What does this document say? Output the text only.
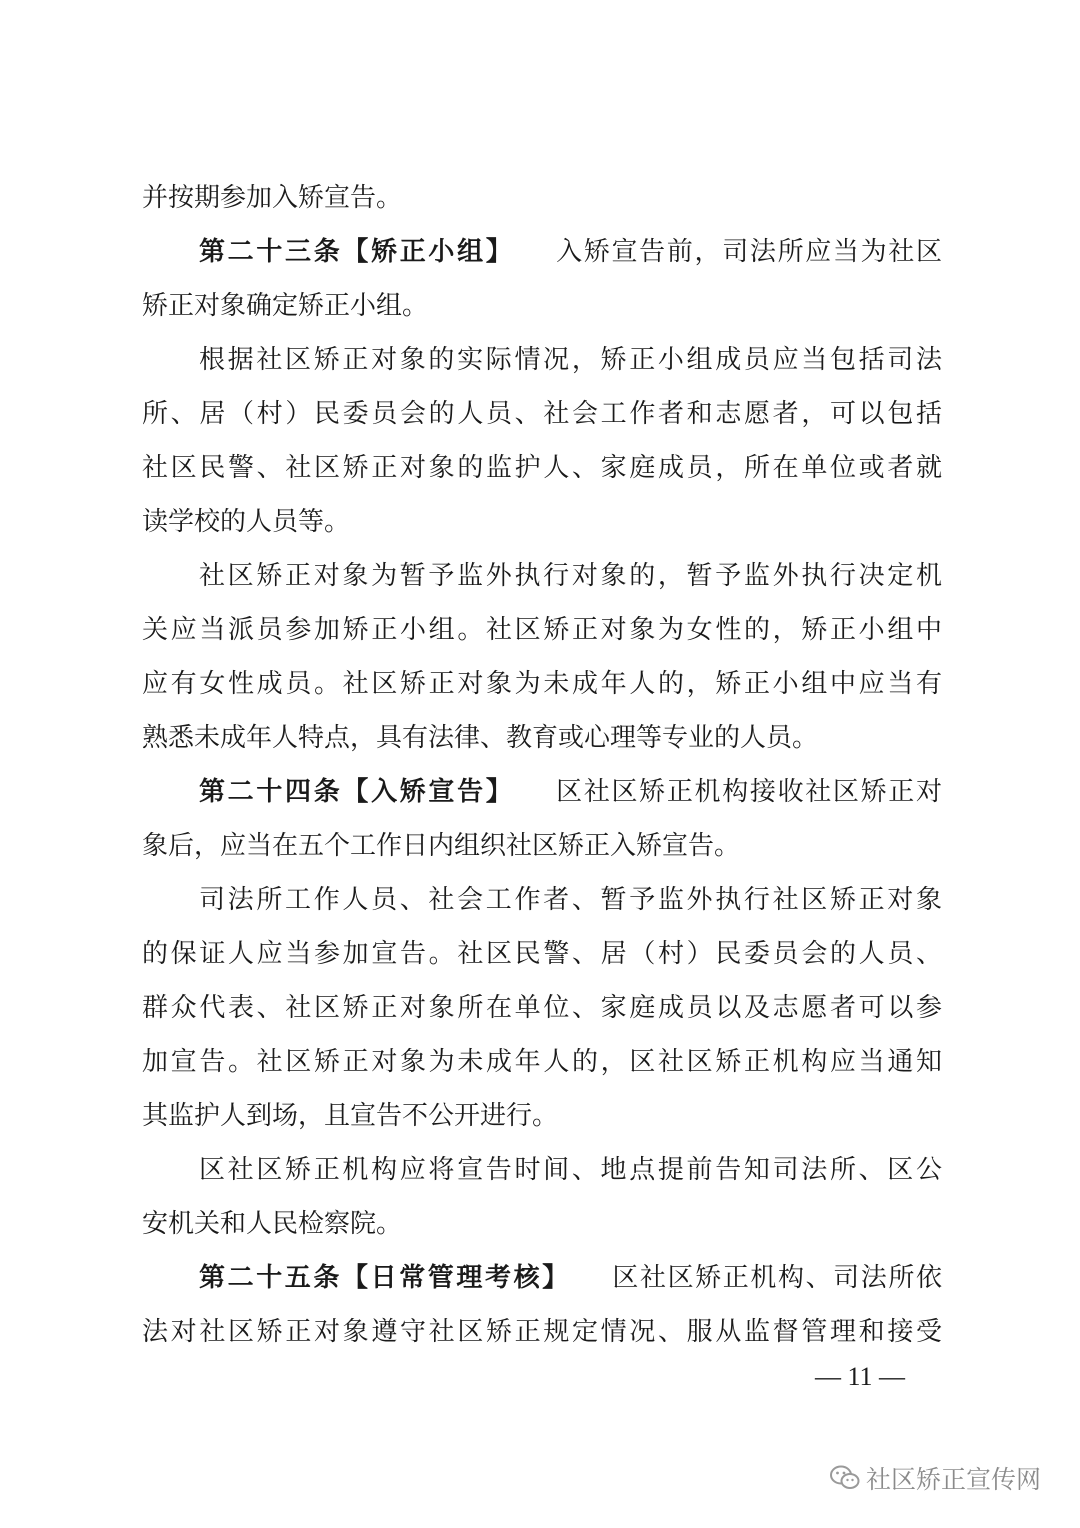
并按期参加入矫宣告。
第二十三条【矫正小组】 入矫宣告前，司法所应当为社区
矫正对象确定矫正小组。
根据社区矫正对象的实际情况，矫正小组成员应当包括司法
所、居（村）民委员会的人员、社会工作者和志愿者，可以包括
社区民警、社区矫正对象的监护人、家庭成员，所在单位或者就
读学校的人员等。
社区矫正对象为暂予监外执行对象的，暂予监外执行决定机
关应当派员参加矫正小组。社区矫正对象为女性的，矫正小组中
应有女性成员。社区矫正对象为未成年人的，矫正小组中应当有
熟悉未成年人特点，具有法律、教育或心理等专业的人员。
第二十四条【入矫宣告】 区社区矫正机构接收社区矫正对
象后，应当在五个工作日内组织社区矫正入矫宣告。
司法所工作人员、社会工作者、暂予监外执行社区矫正对象
的保证人应当参加宣告。社区民警、居（村）民委员会的人员、
群众代表、社区矫正对象所在单位、家庭成员以及志愿者可以参
加宣告。社区矫正对象为未成年人的，区社区矫正机构应当通知
其监护人到场，且宣告不公开进行。
区社区矫正机构应将宣告时间、地点提前告知司法所、区公
安机关和人民检察院。
第二十五条【日常管理考核】 区社区矫正机构、司法所依
法对社区矫正对象遵守社区矫正规定情况、服从监督管理和接受
— 11 —
社区矫正宣传网
